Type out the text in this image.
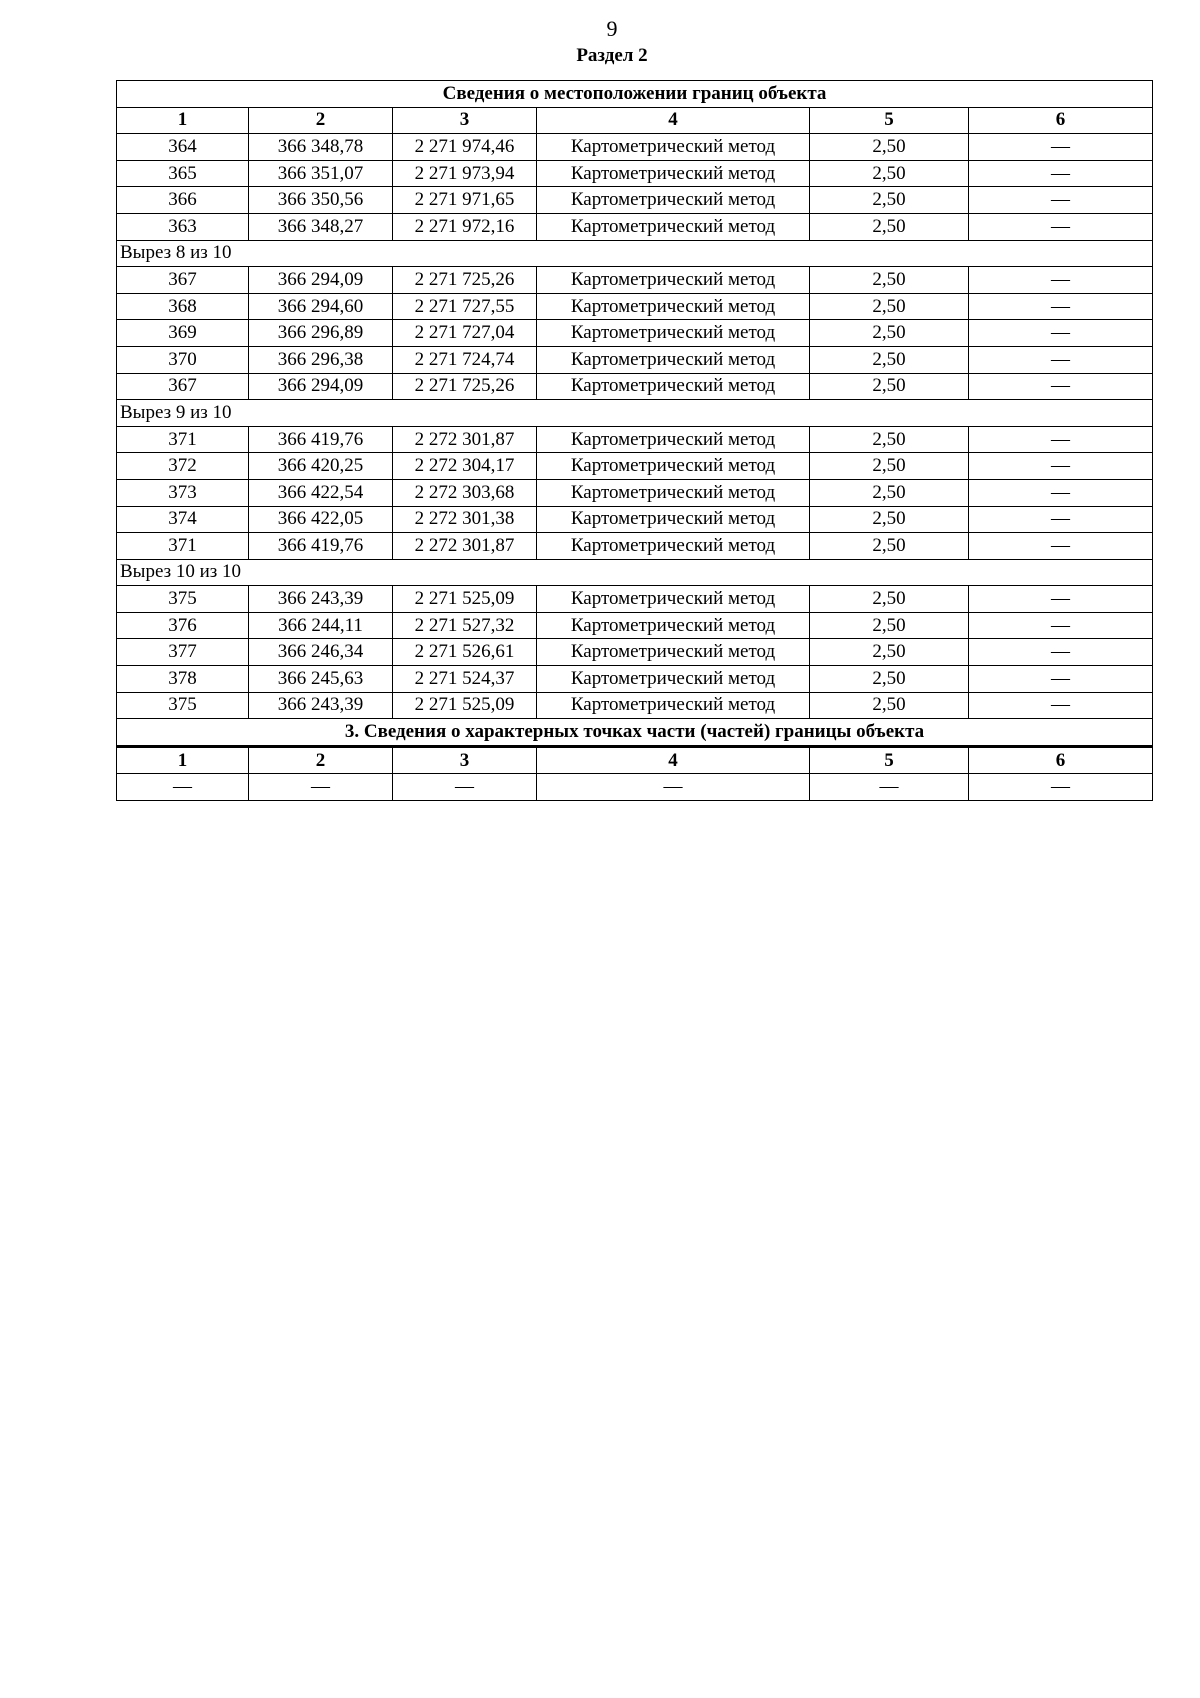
9
Раздел 2
Сведения о местоположении границ объекта					
1	2	3	4	5	6
364	366 348,78	2 271 974,46	Картометрический метод	2,50	—
365	366 351,07	2 271 973,94	Картометрический метод	2,50	—
366	366 350,56	2 271 971,65	Картометрический метод	2,50	—
363	366 348,27	2 271 972,16	Картометрический метод	2,50	—
Вырез 8 из 10					
367	366 294,09	2 271 725,26	Картометрический метод	2,50	—
368	366 294,60	2 271 727,55	Картометрический метод	2,50	—
369	366 296,89	2 271 727,04	Картометрический метод	2,50	—
370	366 296,38	2 271 724,74	Картометрический метод	2,50	—
367	366 294,09	2 271 725,26	Картометрический метод	2,50	—
Вырез 9 из 10					
371	366 419,76	2 272 301,87	Картометрический метод	2,50	—
372	366 420,25	2 272 304,17	Картометрический метод	2,50	—
373	366 422,54	2 272 303,68	Картометрический метод	2,50	—
374	366 422,05	2 272 301,38	Картометрический метод	2,50	—
371	366 419,76	2 272 301,87	Картометрический метод	2,50	—
Вырез 10 из 10					
375	366 243,39	2 271 525,09	Картометрический метод	2,50	—
376	366 244,11	2 271 527,32	Картометрический метод	2,50	—
377	366 246,34	2 271 526,61	Картометрический метод	2,50	—
378	366 245,63	2 271 524,37	Картометрический метод	2,50	—
375	366 243,39	2 271 525,09	Картометрический метод	2,50	—
3. Сведения о характерных точках части (частей) границы объекта					
1	2	3	4	5	6
—	—	—	—	—	—
